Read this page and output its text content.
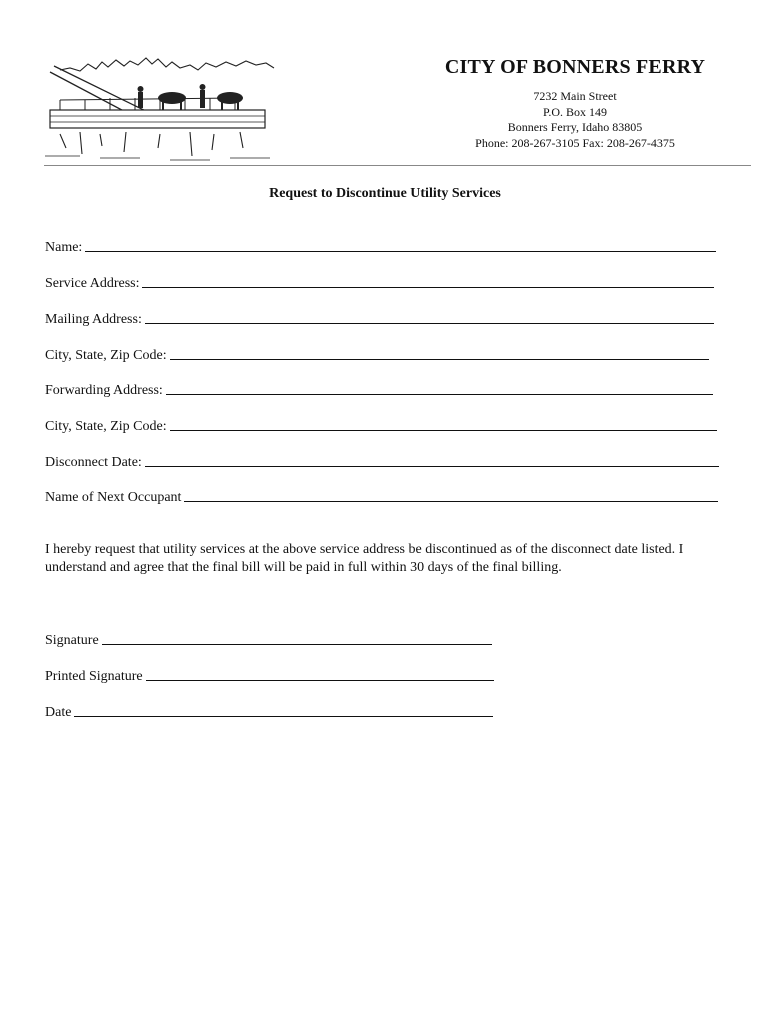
CITY OF BONNERS FERRY
7232 Main Street
P.O. Box 149
Bonners Ferry, Idaho 83805
Phone: 208-267-3105 Fax: 208-267-4375
Request to Discontinue Utility Services
Name:
Service Address:
Mailing Address:
City, State, Zip Code:
Forwarding Address:
City, State, Zip Code:
Disconnect Date:
Name of Next Occupant
I hereby request that utility services at the above service address be discontinued as of the disconnect date listed. I understand and agree that the final bill will be paid in full within 30 days of the final billing.
Signature
Printed Signature
Date
